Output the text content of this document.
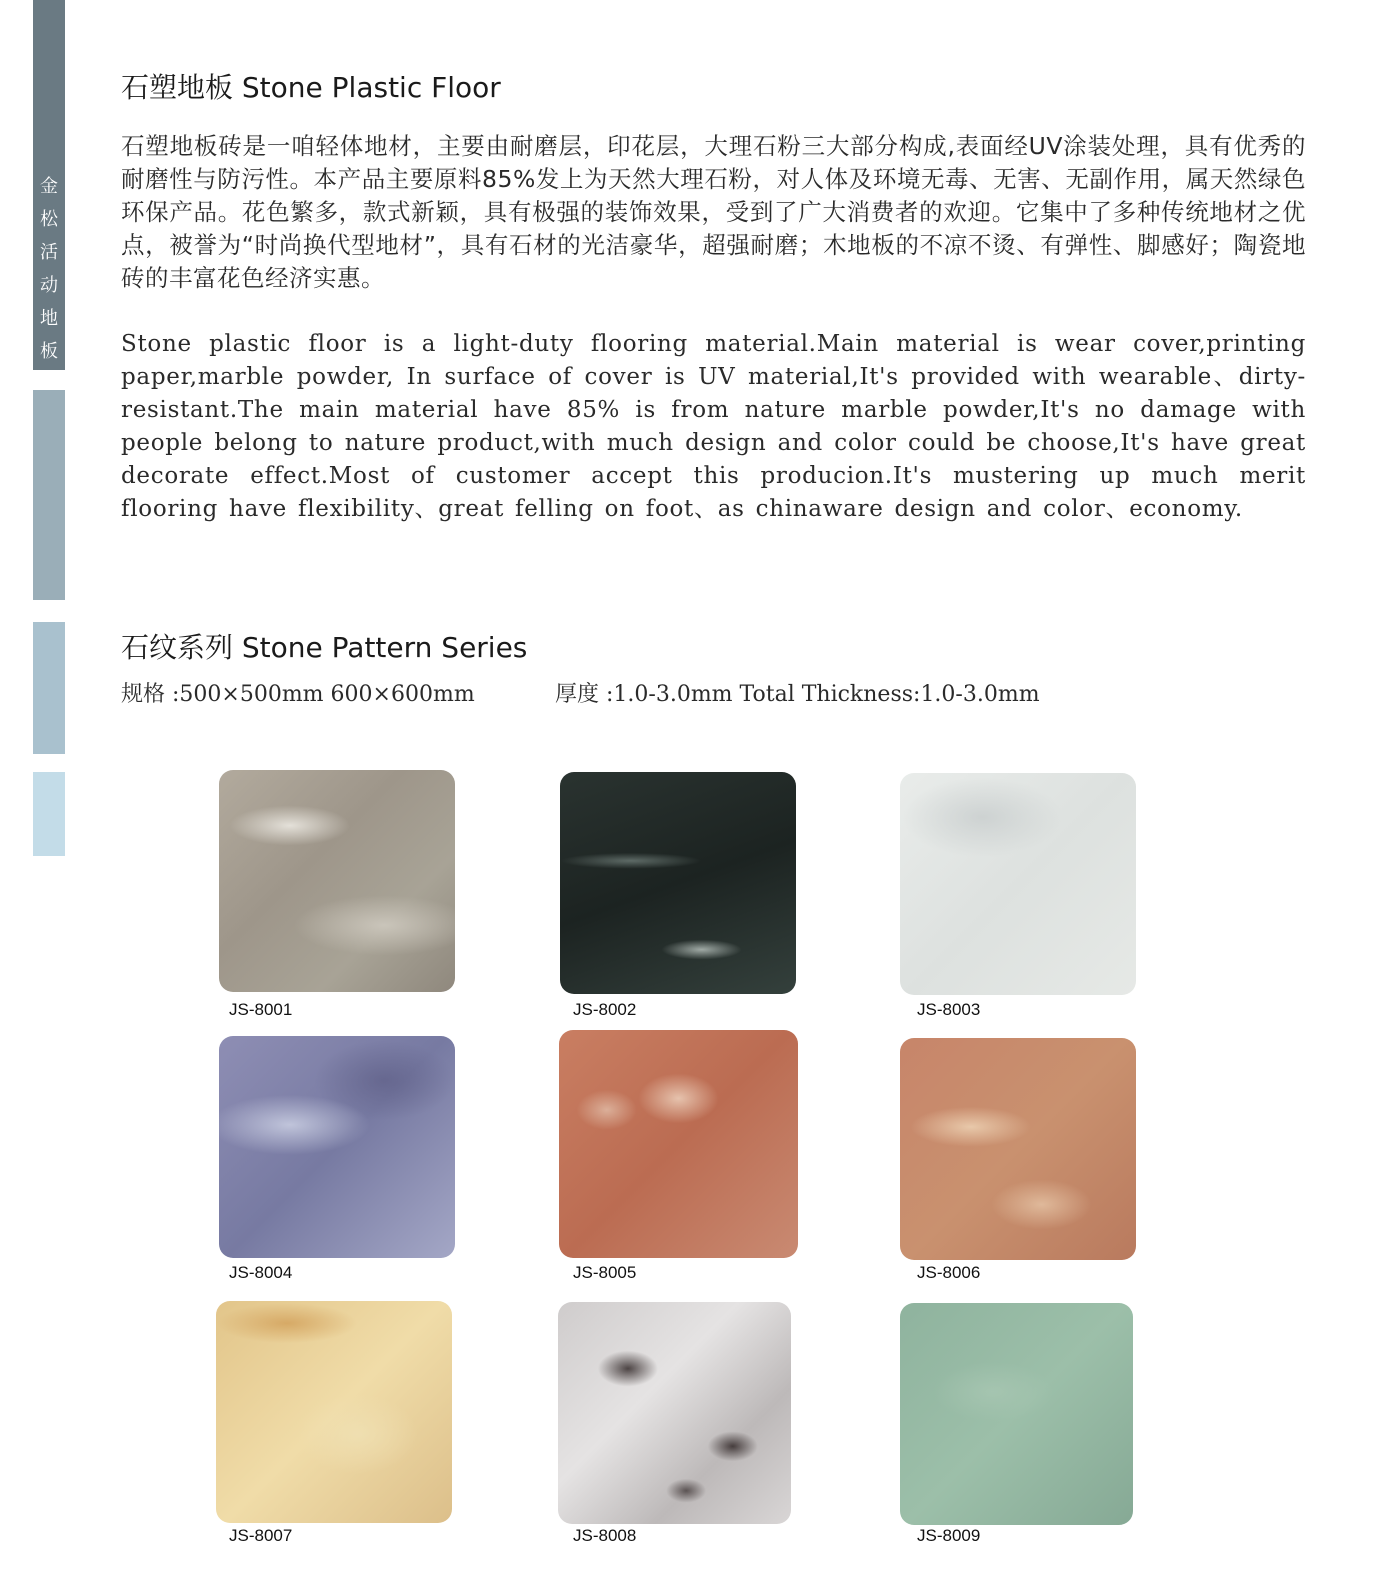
金
松
活
动
地
板
石塑地板 Stone Plastic Floor

石塑地板砖是一咱轻体地材，主要由耐磨层，印花层，大理石粉三大部分构成,表面经UV涂装处理，具有优秀的耐磨性与防污性。本产品主要原料85%发上为天然大理石粉，对人体及环境无毒、无害、无副作用，属天然绿色环保产品。花色繁多，款式新颖，具有极强的装饰效果，受到了广大消费者的欢迎。它集中了多种传统地材之优点，被誉为“时尚换代型地材”，具有石材的光洁豪华，超强耐磨；木地板的不凉不烫、有弹性、脚感好；陶瓷地砖的丰富花色经济实惠。

Stone plastic floor is a light-duty flooring material.Main material is wear cover,printing paper,marble powder, In surface of cover is UV material,It's provided with wearable、dirty-resistant.The main material have 85% is from nature marble powder,It's no damage with people belong to nature product,with much design and color could be choose,It's have great decorate effect.Most of customer accept this producion.It's mustering up much merit flooring have flexibility、great felling on foot、as chinaware design and color、economy.

石纹系列 Stone Pattern Series
规格 :500×500mm 600×600mm	厚度 :1.0-3.0mm Total Thickness:1.0-3.0mm
JS-8001	JS-8002	JS-8003
JS-8004	JS-8005	JS-8006
JS-8007	JS-8008	JS-8009
